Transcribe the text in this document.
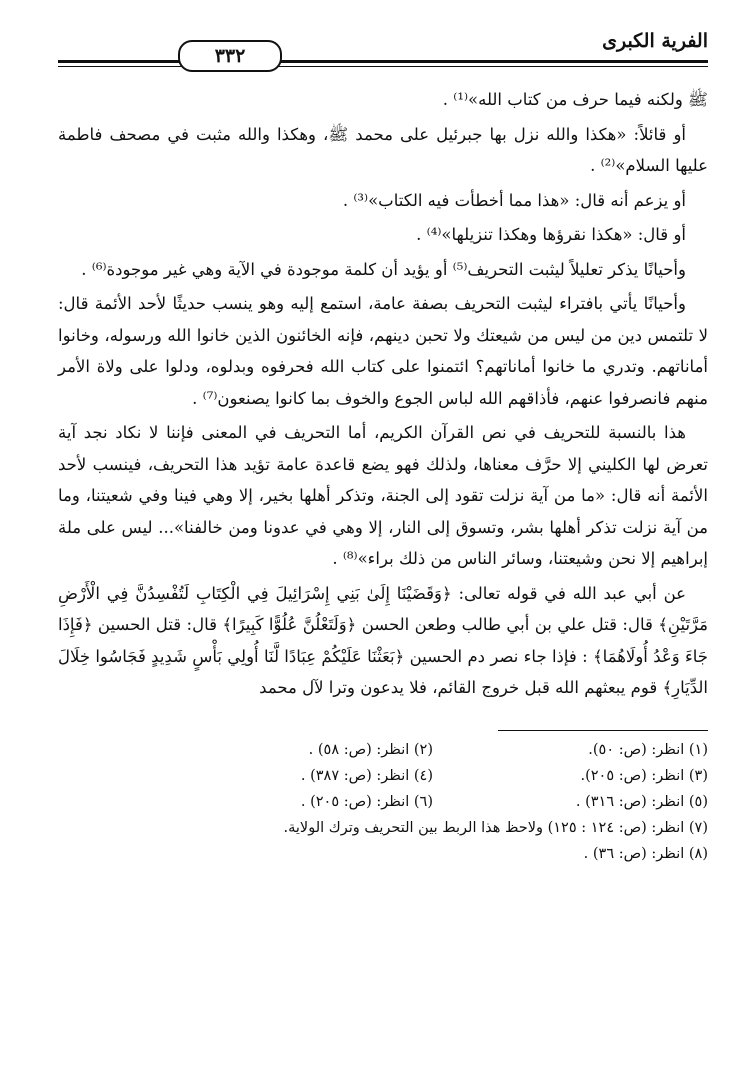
الفرية الكبرى
٣٣٢

ﷺ ولكنه فيما حرف من كتاب الله»⁽¹⁾ .

أو قائلاً: «هكذا والله نزل بها جبرئيل على محمد ﷺ، وهكذا والله مثبت في مصحف فاطمة عليها السلام»⁽²⁾ .

أو يزعم أنه قال: «هذا مما أخطأت فيه الكتاب»⁽³⁾ .

أو قال: «هكذا نقرؤها وهكذا تنزيلها»⁽⁴⁾ .

وأحيانًا يذكر تعليلاً ليثبت التحريف⁽⁵⁾ أو يؤيد أن كلمة موجودة في الآية وهي غير موجودة⁽⁶⁾ .

وأحيانًا يأتي بافتراء ليثبت التحريف بصفة عامة، استمع إليه وهو ينسب حديثًا لأحد الأئمة قال: لا تلتمس دين من ليس من شيعتك ولا تحبن دينهم، فإنه الخائنون الذين خانوا الله ورسوله، وخانوا أماناتهم. وتدري ما خانوا أماناتهم؟ ائتمنوا على كتاب الله فحرفوه وبدلوه، ودلوا على ولاة الأمر منهم فانصرفوا عنهم، فأذاقهم الله لباس الجوع والخوف بما كانوا يصنعون⁽⁷⁾ .

هذا بالنسبة للتحريف في نص القرآن الكريم، أما التحريف في المعنى فإننا لا نكاد نجد آية تعرض لها الكليني إلا حرَّف معناها، ولذلك فهو يضع قاعدة عامة تؤيد هذا التحريف، فينسب لأحد الأئمة أنه قال: «ما من آية نزلت تقود إلى الجنة، وتذكر أهلها بخير، إلا وهي فينا وفي شعيتنا، وما من آية نزلت تذكر أهلها بشر، وتسوق إلى النار، إلا وهي في عدونا ومن خالفنا»... ليس على ملة إبراهيم إلا نحن وشيعتنا، وسائر الناس من ذلك براء»⁽⁸⁾ .

عن أبي عبد الله في قوله تعالى: ﴿وَقَضَيْنَا إِلَىٰ بَنِي إِسْرَائِيلَ فِي الْكِتَابِ لَتُفْسِدُنَّ فِي الْأَرْضِ مَرَّتَيْنِ﴾ قال: قتل علي بن أبي طالب وطعن الحسن ﴿وَلَتَعْلُنَّ عُلُوًّا كَبِيرًا﴾ قال: قتل الحسين ﴿فَإِذَا جَاءَ وَعْدُ أُولَاهُمَا﴾ : فإذا جاء نصر دم الحسين ﴿بَعَثْنَا عَلَيْكُمْ عِبَادًا لَّنَا أُولِي بَأْسٍ شَدِيدٍ فَجَاسُوا خِلَالَ الدِّيَارِ﴾ قوم يبعثهم الله قبل خروج القائم، فلا يدعون وترا لآل محمد

(١) انظر: (ص: ٥٠).
(٢) انظر: (ص: ٥٨) .
(٣) انظر: (ص: ٢٠٥).
(٤) انظر: (ص: ٣٨٧) .
(٥) انظر: (ص: ٣١٦) .
(٦) انظر: (ص: ٢٠٥) .
(٧) انظر: (ص: ١٢٤ : ١٢٥) ولاحظ هذا الربط بين التحريف وترك الولاية.
(٨) انظر: (ص: ٣٦) .
